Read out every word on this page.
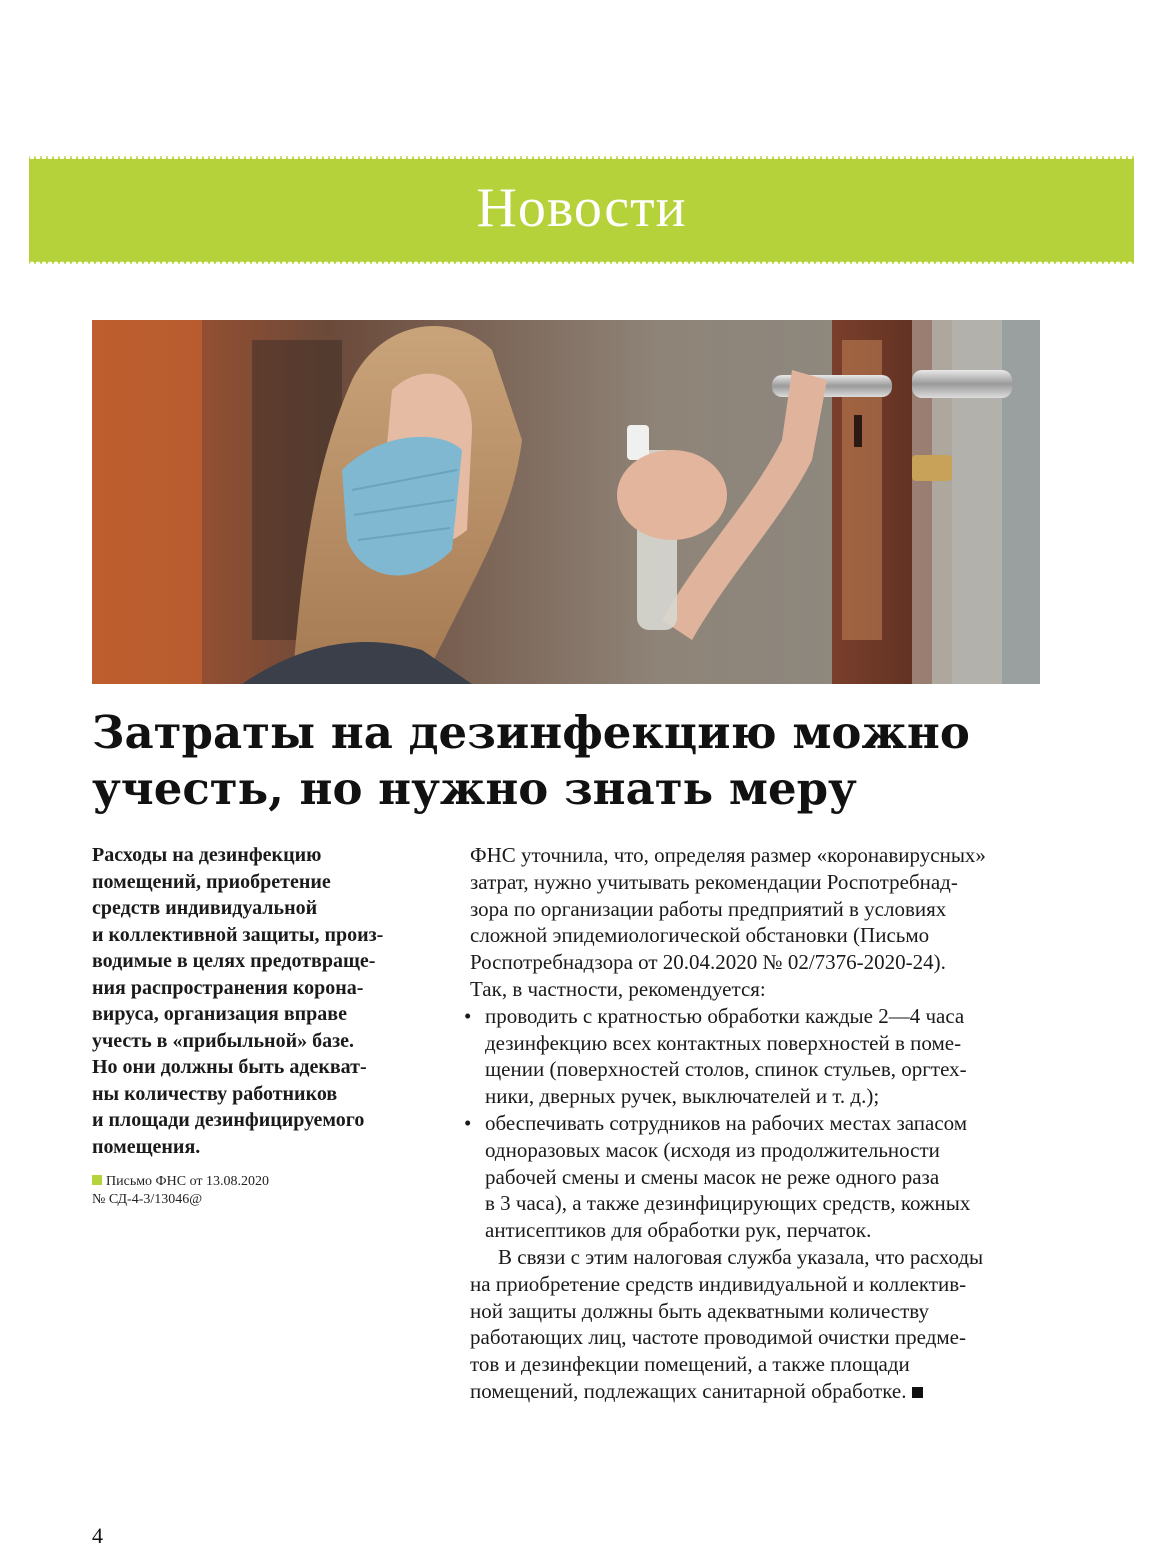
Новости
Затраты на дезинфекцию можно
учесть, но нужно знать меру
Расходы на дезинфекцию
помещений, приобретение
средств индивидуальной
и коллективной защиты, произ-
водимые в целях предотвраще-
ния распространения корона-
вируса, организация вправе
учесть в «прибыльной» базе.
Но они должны быть адекват-
ны количеству работников
и площади дезинфицируемого
помещения.
Письмо ФНС от 13.08.2020
№ СД-4-3/13046@
ФНС уточнила, что, определяя размер «коронавирусных»
затрат, нужно учитывать рекомендации Роспотребнад-
зора по организации работы предприятий в условиях
сложной эпидемиологической обстановки (Письмо
Роспотребнадзора от 20.04.2020 № 02/7376-2020-24).
Так, в частности, рекомендуется:
• проводить с кратностью обработки каждые 2—4 часа
дезинфекцию всех контактных поверхностей в поме-
щении (поверхностей столов, спинок стульев, оргтех-
ники, дверных ручек, выключателей и т. д.);
• обеспечивать сотрудников на рабочих местах запасом
одноразовых масок (исходя из продолжительности
рабочей смены и смены масок не реже одного раза
в 3 часа), а также дезинфицирующих средств, кожных
антисептиков для обработки рук, перчаток.
В связи с этим налоговая служба указала, что расходы
на приобретение средств индивидуальной и коллектив-
ной защиты должны быть адекватными количеству
работающих лиц, частоте проводимой очистки предме-
тов и дезинфекции помещений, а также площади
помещений, подлежащих санитарной обработке.
4
